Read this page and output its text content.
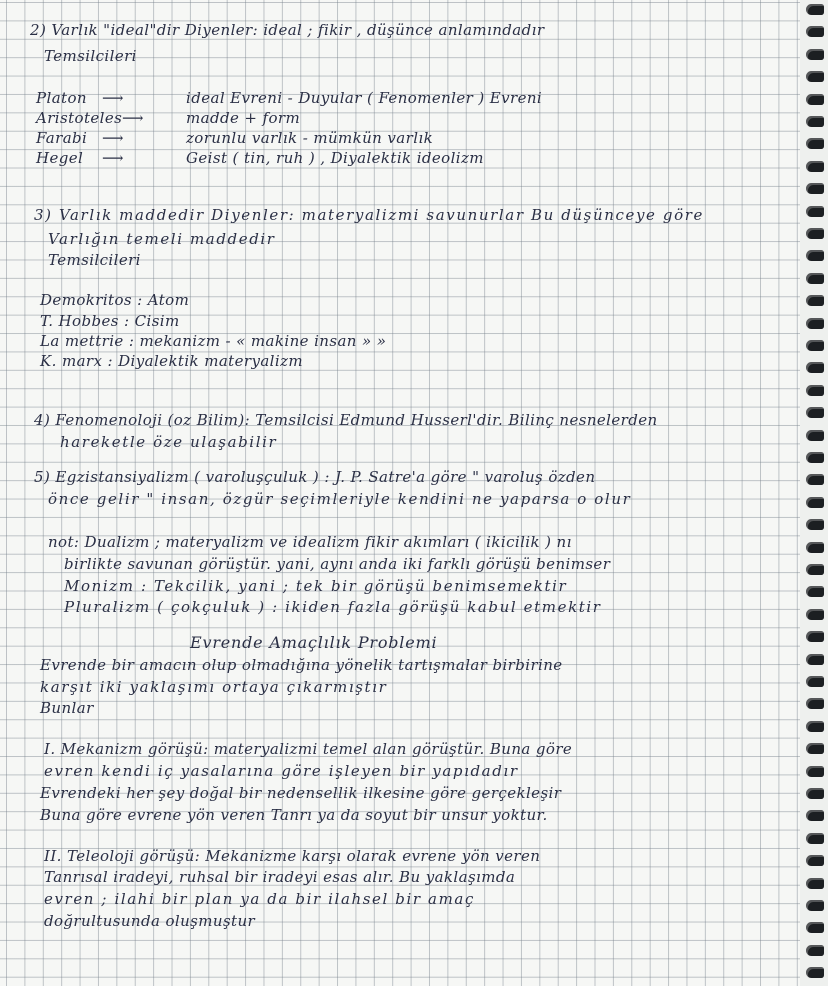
2) Varlık "ideal"dir Diyenler: ideal ; fikir , düşünce anlamındadır
Temsilcileri
Platon ⟶	ideal Evreni - Duyular ( Fenomenler ) Evreni
Aristoteles ⟶	madde + form
Farabi ⟶	zorunlu varlık - mümkün varlık
Hegel ⟶	Geist ( tin, ruh ) , Diyalektik ideolizm
3) Varlık maddedir Diyenler: materyalizmi savunurlar Bu düşünceye göre
Varlığın temeli maddedir
Temsilcileri
Demokritos : Atom
T. Hobbes : Cisim
La mettrie : mekanizm - « makine insan » »
K. marx : Diyalektik materyalizm
4) Fenomenoloji (oz Bilim): Temsilcisi Edmund Husserl'dir. Bilinç nesnelerden
hareketle öze ulaşabilir
5) Egzistansiyalizm ( varoluşçuluk ) : J. P. Satre'a göre " varoluş özden
önce gelir " insan, özgür seçimleriyle kendini ne yaparsa o olur
not: Dualizm ; materyalizm ve idealizm fikir akımları ( ikicilik ) nı
birlikte savunan görüştür. yani, aynı anda iki farklı görüşü benimser
Monizm : Tekcilik, yani ; tek bir görüşü benimsemektir
Pluralizm ( çokçuluk ) : ikiden fazla görüşü kabul etmektir
Evrende Amaçlılık Problemi
Evrende bir amacın olup olmadığına yönelik tartışmalar birbirine
karşıt iki yaklaşımı ortaya çıkarmıştır
Bunlar
I. Mekanizm görüşü: materyalizmi temel alan görüştür. Buna göre
evren kendi iç yasalarına göre işleyen bir yapıdadır
Evrendeki her şey doğal bir nedensellik ilkesine göre gerçekleşir
Buna göre evrene yön veren Tanrı ya da soyut bir unsur yoktur.
II. Teleoloji görüşü: Mekanizme karşı olarak evrene yön veren
Tanrısal iradeyi, ruhsal bir iradeyi esas alır. Bu yaklaşımda
evren ; ilahi bir plan ya da bir ilahsel bir amaç
doğrultusunda oluşmuştur
